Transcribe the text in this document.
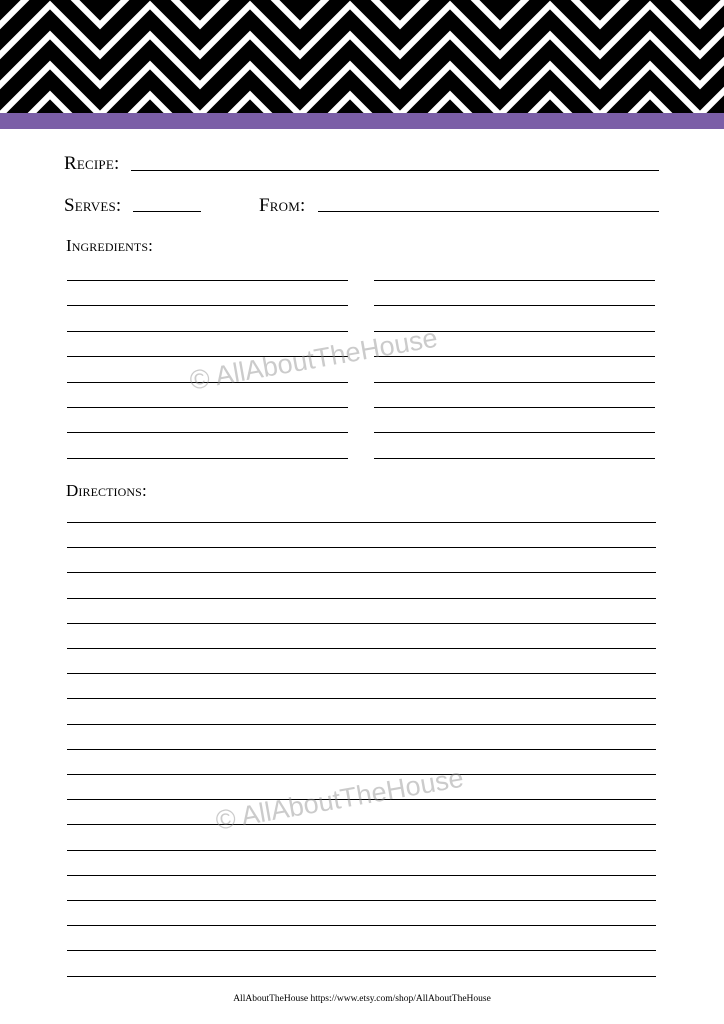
Recipe:
Serves:	From:
Ingredients:
Directions:
© AllAboutTheHouse
© AllAboutTheHouse
AllAboutTheHouse https://www.etsy.com/shop/AllAboutTheHouse
